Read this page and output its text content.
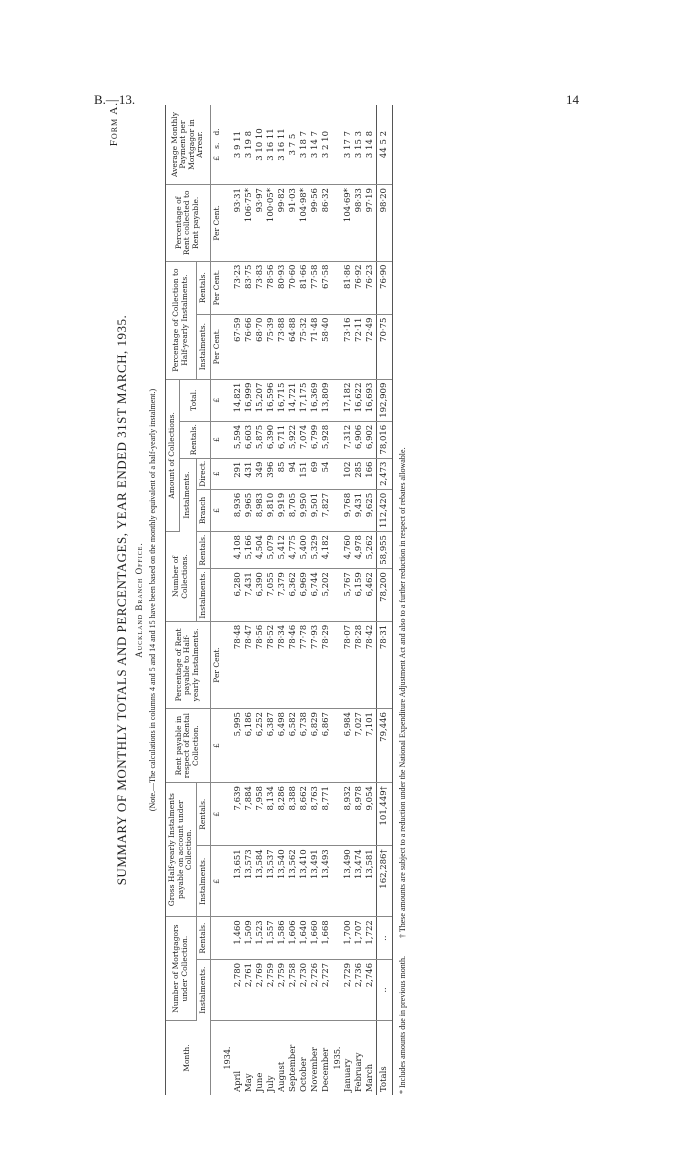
B.—13.	14
Form A.
SUMMARY OF MONTHLY TOTALS AND PERCENTAGES, YEAR ENDED 31ST MARCH, 1935. Auckland Branch Office. (Note.—The calculations in columns 4 and 5 and 14 and 15 have been based on the monthly equivalent of a half-yearly instalment.)
Month.	Number of Mortgagors under Collection.		Gross Half-yearly Instalments payable on account under Collection.		Rent payable in respect of Rental Collection.	Percentage of Rent payable to Half-yearly Instalments.	Number of Collections.		Amount of Collections.				Percentage of Collection to Half-yearly Instalments.		Percentage of Rent collected to Rent payable.	Average Monthly Payment per Mortgagor in Arrear.
									Instalments.		Rentals.	Total.				
	Instalments.	Rentals.	Instalments.	Rentals.			Instalments.	Rentals.	Branch	Direct.			Instalments.	Rentals.		
			£	£	£	Per Cent.			£	£	£	£	Per Cent.	Per Cent.	Per Cent.	£   s.   d.
1934.																
April	2,780	1,460	13,651	7,639	5,995	78·48	6,280	4,108	8,936	291	5,594	14,821	67·59	73·23	93·31	3 9 11
May	2,761	1,509	13,573	7,884	6,186	78·47	7,431	5,166	9,965	431	6,603	16,999	76·66	83·75	106·75*	3 19 8
June	2,769	1,523	13,584	7,958	6,252	78·56	6,390	4,504	8,983	349	5,875	15,207	68·70	73·83	93·97	3 10 10
July	2,759	1,557	13,537	8,134	6,387	78·52	7,055	5,079	9,810	396	6,390	16,596	75·39	78·56	100·05*	3 16 11
August	2,759	1,586	13,540	8,286	6,498	78·34	7,379	5,412	9,919	85	6,711	16,715	73·88	80·93	99·82	3 16 11
September	2,758	1,606	13,562	8,388	6,582	78·46	6,362	4,775	8,705	94	5,922	14,721	64·88	70·60	91·03	3 7 5
October	2,730	1,640	13,410	8,662	6,738	77·78	6,969	5,400	9,950	151	7,074	17,175	75·32	81·66	104·98*	3 18 7
November	2,726	1,660	13,491	8,763	6,829	77·93	6,744	5,329	9,501	69	6,799	16,369	71·48	77·58	99·56	3 14 7
December	2,727	1,668	13,493	8,771	6,867	78·29	5,202	4,182	7,827	54	5,928	13,809	58·40	67·58	86·32	3 2 10
1935.																
January	2,729	1,700	13,490	8,932	6,984	78·07	5,767	4,760	9,768	102	7,312	17,182	73·16	81·86	104·69*	3 17 7
February	2,736	1,707	13,474	8,978	7,027	78·28	6,159	4,978	9,431	285	6,906	16,622	72·11	76·92	98·33	3 15 3
March	2,746	1,722	13,581	9,054	7,101	78·42	6,462	5,262	9,625	166	6,902	16,693	72·49	76·23	97·19	3 14 8
Totals	..	..	162,286†	101,449†	79,446	78·31	78,200	58,955	112,420	2,473	78,016	192,909	70·75	76·90	98·20	44 5 2
* Includes amounts due in previous month. † These amounts are subject to a reduction under the National Expenditure Adjustment Act and also to a further reduction in respect of rebates allowable.
